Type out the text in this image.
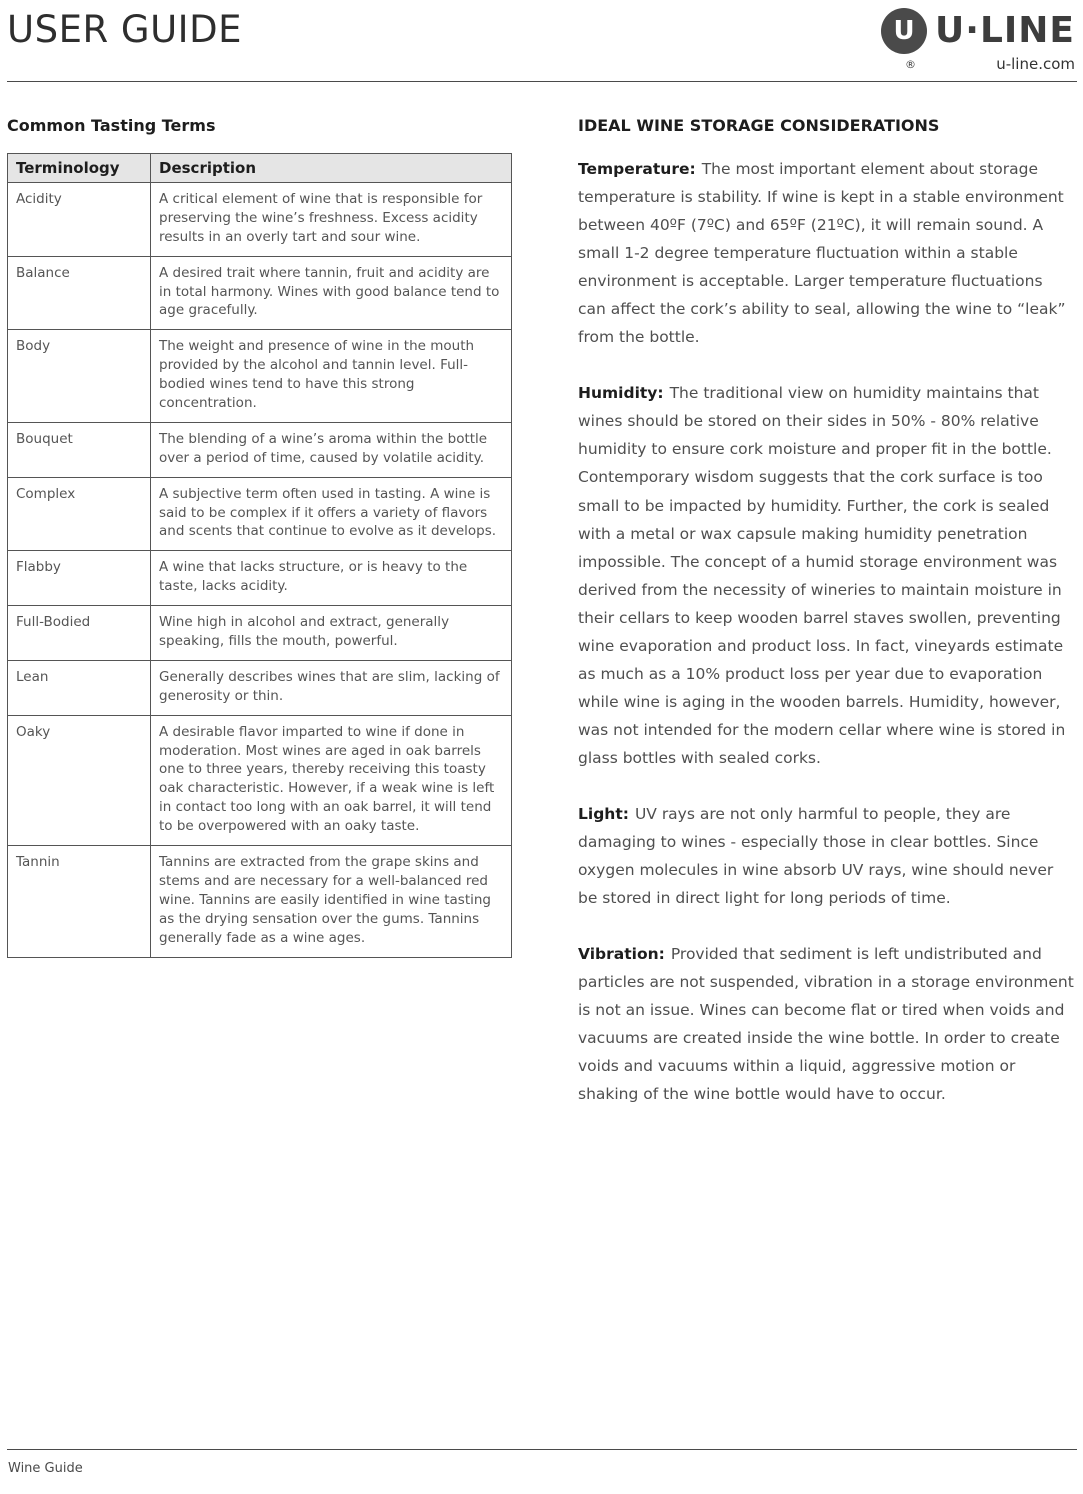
USER GUIDE	U U·LINE
®	u-line.com
Common Tasting Terms
Terminology	Description
Acidity	A critical element of wine that is responsible for preserving the wine’s freshness. Excess acidity results in an overly tart and sour wine.
Balance	A desired trait where tannin, fruit and acidity are in total harmony. Wines with good balance tend to age gracefully.
Body	The weight and presence of wine in the mouth provided by the alcohol and tannin level. Full-bodied wines tend to have this strong concentration.
Bouquet	The blending of a wine’s aroma within the bottle over a period of time, caused by volatile acidity.
Complex	A subjective term often used in tasting. A wine is said to be complex if it offers a variety of flavors and scents that continue to evolve as it develops.
Flabby	A wine that lacks structure, or is heavy to the taste, lacks acidity.
Full-Bodied	Wine high in alcohol and extract, generally speaking, fills the mouth, powerful.
Lean	Generally describes wines that are slim, lacking of generosity or thin.
Oaky	A desirable flavor imparted to wine if done in moderation. Most wines are aged in oak barrels one to three years, thereby receiving this toasty oak characteristic. However, if a weak wine is left in contact too long with an oak barrel, it will tend to be overpowered with an oaky taste.
Tannin	Tannins are extracted from the grape skins and stems and are necessary for a well-balanced red wine. Tannins are easily identified in wine tasting as the drying sensation over the gums. Tannins generally fade as a wine ages.
IDEAL WINE STORAGE CONSIDERATIONS

Temperature: The most important element about storage temperature is stability. If wine is kept in a stable environment between 40ºF (7ºC) and 65ºF (21ºC), it will remain sound. A small 1-2 degree temperature fluctuation within a stable environment is acceptable. Larger temperature fluctuations can affect the cork’s ability to seal, allowing the wine to “leak” from the bottle.

Humidity: The traditional view on humidity maintains that wines should be stored on their sides in 50% - 80% relative humidity to ensure cork moisture and proper fit in the bottle. Contemporary wisdom suggests that the cork surface is too small to be impacted by humidity. Further, the cork is sealed with a metal or wax capsule making humidity penetration impossible. The concept of a humid storage environment was derived from the necessity of wineries to maintain moisture in their cellars to keep wooden barrel staves swollen, preventing wine evaporation and product loss. In fact, vineyards estimate as much as a 10% product loss per year due to evaporation while wine is aging in the wooden barrels. Humidity, however, was not intended for the modern cellar where wine is stored in glass bottles with sealed corks.

Light: UV rays are not only harmful to people, they are damaging to wines - especially those in clear bottles. Since oxygen molecules in wine absorb UV rays, wine should never be stored in direct light for long periods of time.

Vibration: Provided that sediment is left undistributed and particles are not suspended, vibration in a storage environment is not an issue. Wines can become flat or tired when voids and vacuums are created inside the wine bottle. In order to create voids and vacuums within a liquid, aggressive motion or shaking of the wine bottle would have to occur.

Wine Guide
